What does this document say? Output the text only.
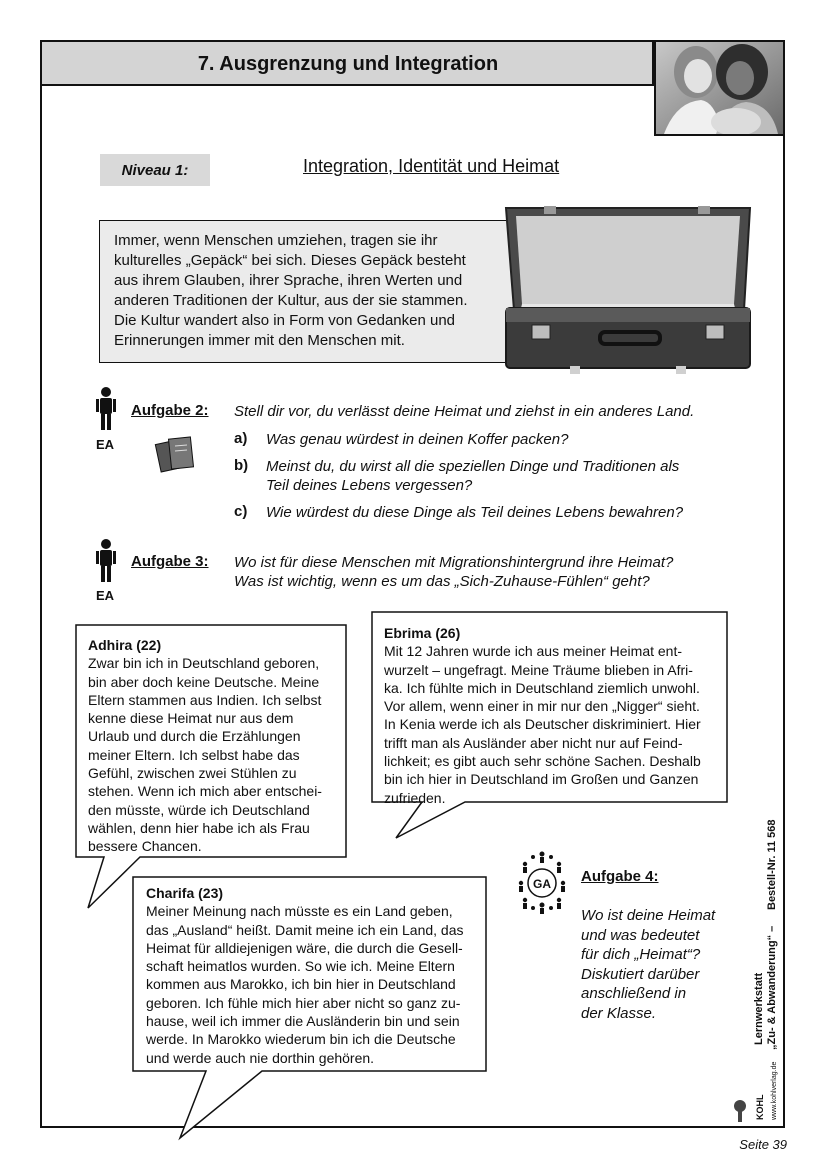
7. Ausgrenzung und Integration
Niveau 1:	Integration, Identität und Heimat
Immer, wenn Menschen umziehen, tragen sie ihr
kulturelles „Gepäck“ bei sich. Dieses Gepäck besteht
aus ihrem Glauben, ihrer Sprache, ihren Werten und
anderen Traditionen der Kultur, aus der sie stammen.
Die Kultur wandert also in Form von Gedanken und
Erinnerungen immer mit den Menschen mit.
EA
Aufgabe 2: Stell dir vor, du verlässt deine Heimat und ziehst in ein anderes Land.
a) Was genau würdest in deinen Koffer packen?
b) Meinst du, du wirst all die speziellen Dinge und Traditionen als
Teil deines Lebens vergessen?
c) Wie würdest du diese Dinge als Teil deines Lebens bewahren?
EA
Aufgabe 3: Wo ist für diese Menschen mit Migrationshintergrund ihre Heimat?
Was ist wichtig, wenn es um das „Sich-Zuhause-Fühlen“ geht?
Ebrima (26)
Mit 12 Jahren wurde ich aus meiner Heimat ent-
wurzelt – ungefragt. Meine Träume blieben in Afri-
ka. Ich fühlte mich in Deutschland ziemlich unwohl.
Vor allem, wenn einer in mir nur den „Nigger“ sieht.
In Kenia werde ich als Deutscher diskriminiert. Hier
trifft man als Ausländer aber nicht nur auf Feind-
lichkeit; es gibt auch sehr schöne Sachen. Deshalb
bin ich hier in Deutschland im Großen und Ganzen
zufrieden.
Adhira (22)
Zwar bin ich in Deutschland geboren,
bin aber doch keine Deutsche. Meine
Eltern stammen aus Indien. Ich selbst
kenne diese Heimat nur aus dem
Urlaub und durch die Erzählungen
meiner Eltern. Ich selbst habe das
Gefühl, zwischen zwei Stühlen zu
stehen. Wenn ich mich aber entschei-
den müsste, würde ich Deutschland
wählen, denn hier habe ich als Frau
bessere Chancen.
Charifa (23)
Meiner Meinung nach müsste es ein Land geben,
das „Ausland“ heißt. Damit meine ich ein Land, das
Heimat für alldiejenigen wäre, die durch die Gesell-
schaft heimatlos wurden. So wie ich. Meine Eltern
kommen aus Marokko, ich bin hier in Deutschland
geboren. Ich fühle mich hier aber nicht so ganz zu-
hause, weil ich immer die Ausländerin bin und sein
werde. In Marokko wiederum bin ich die Deutsche
und werde auch nie dorthin gehören.
GA Aufgabe 4:
Wo ist deine Heimat
und was bedeutet
für dich „Heimat“?
Diskutiert darüber
anschließend in
der Klasse.
Bestell-Nr. 11 568
„Zu- & Abwanderung“ –
Lernwerkstatt
KOHL www.kohlverlag.de
Seite 39
